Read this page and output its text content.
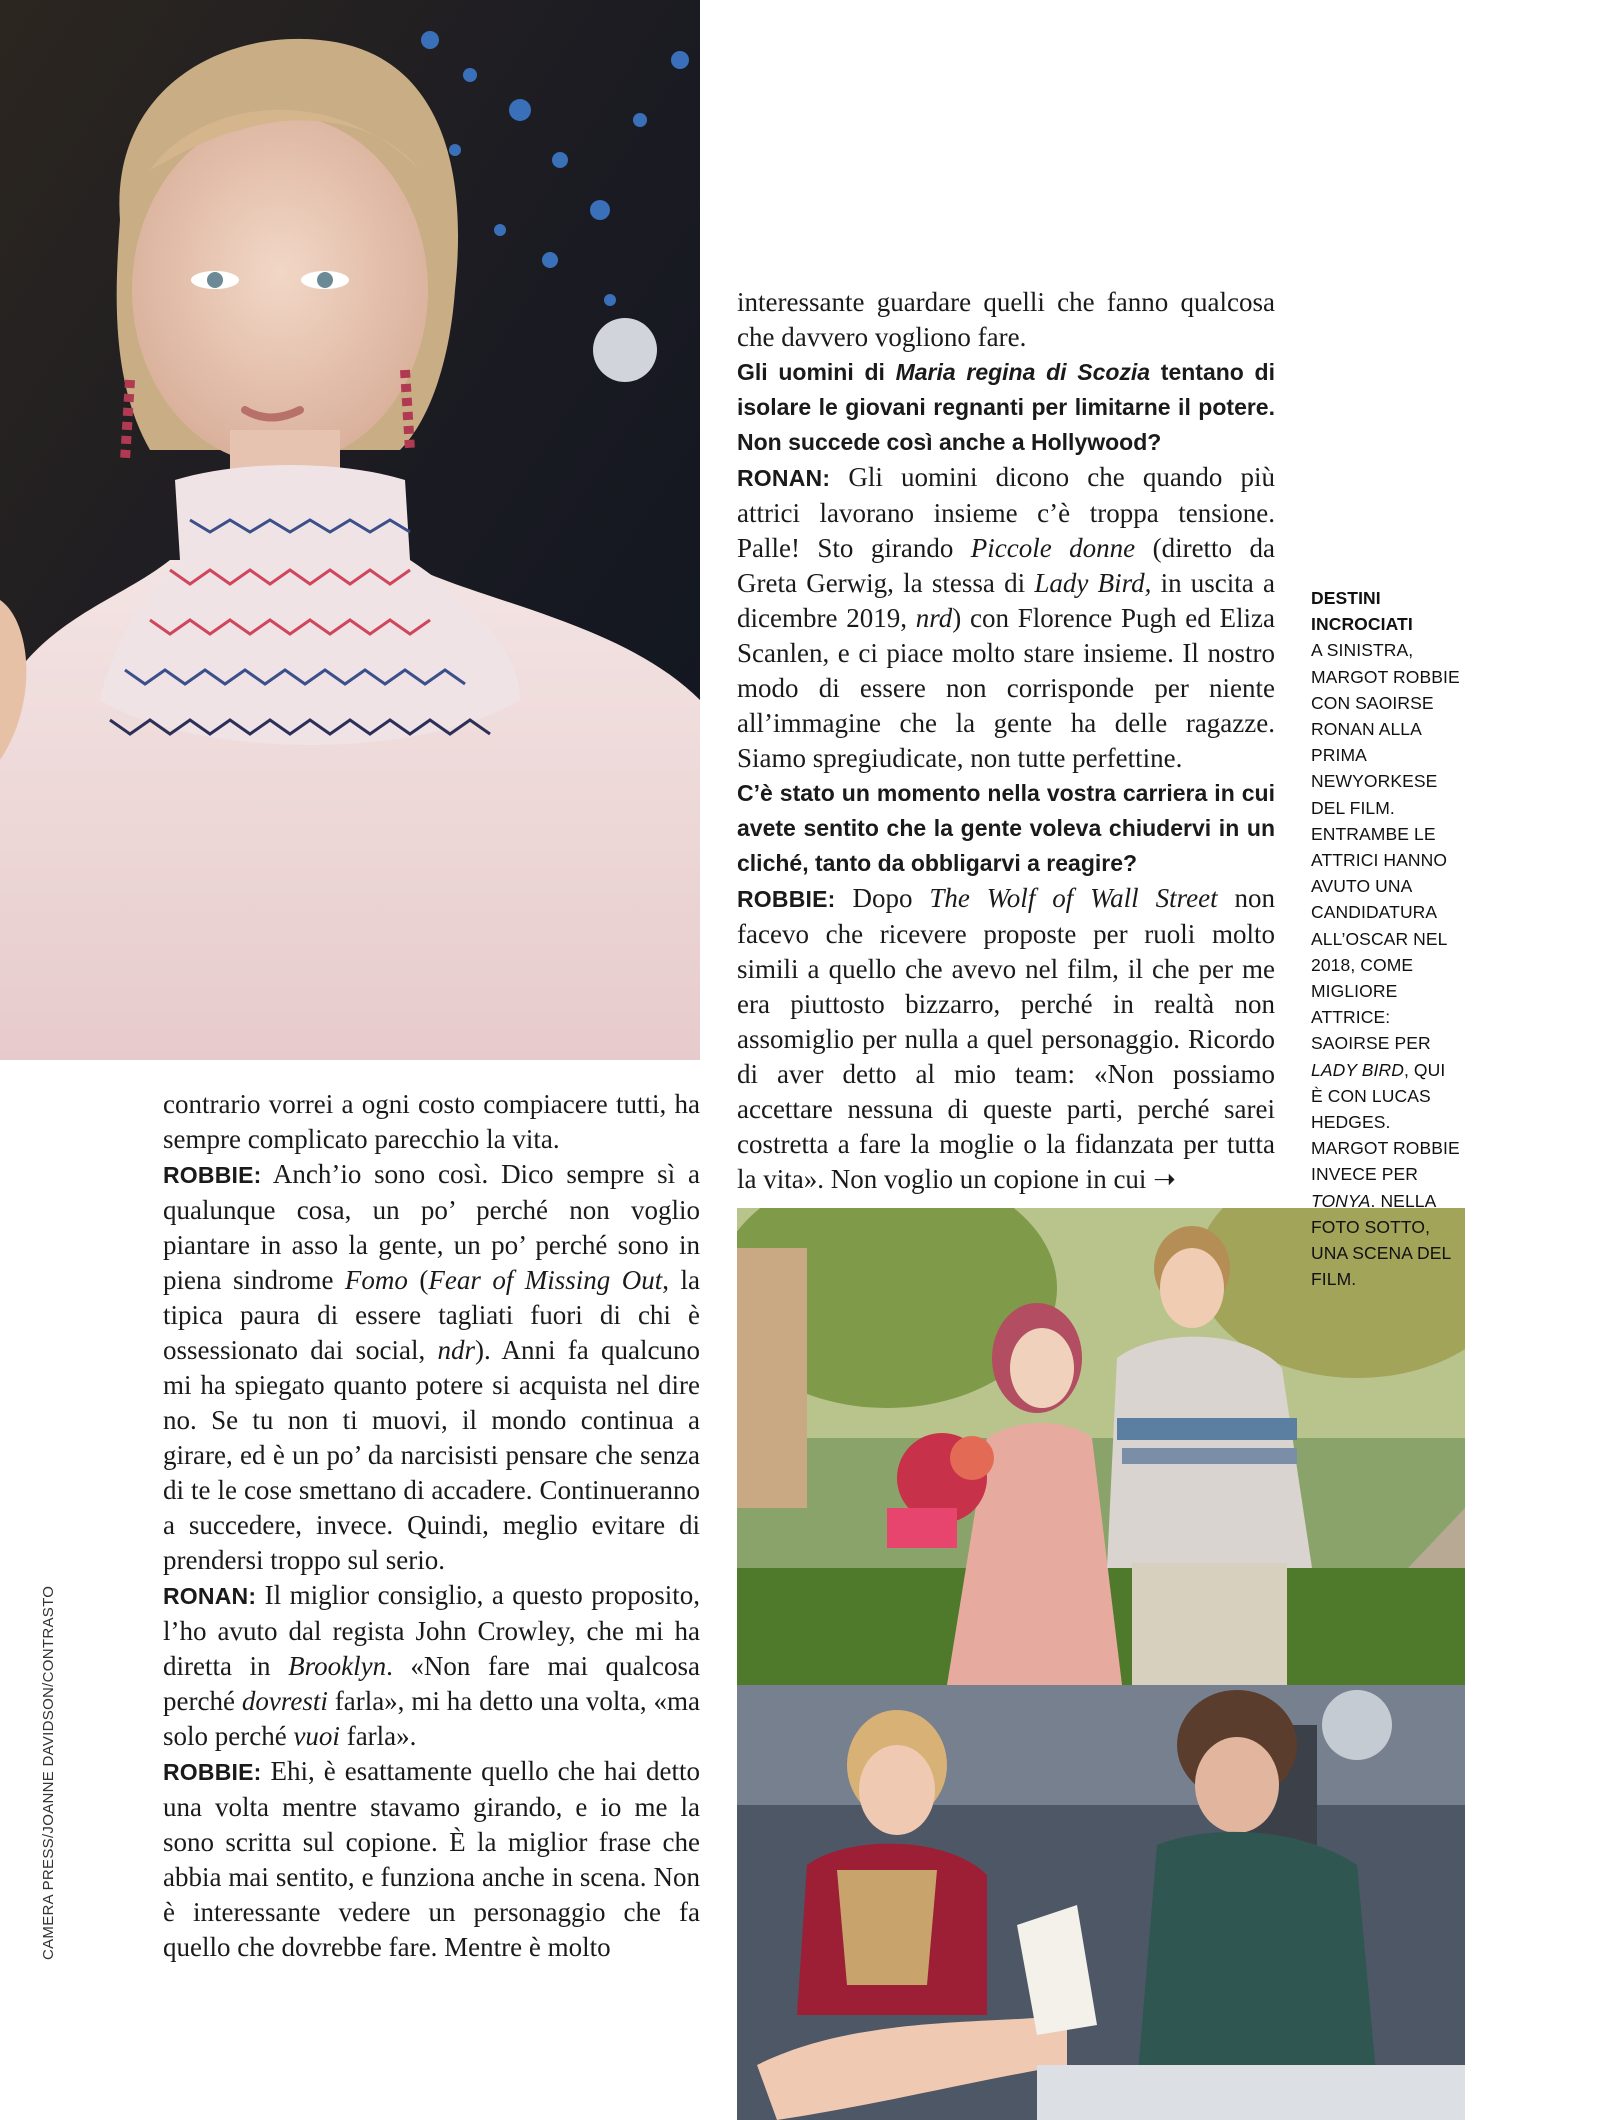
contrario vorrei a ogni costo compiacere tutti, ha sempre complicato parecchio la vita.

ROBBIE: Anch’io sono così. Dico sempre sì a qualunque cosa, un po’ perché non voglio piantare in asso la gente, un po’ perché sono in piena sindrome Fomo (Fear of Missing Out, la tipica paura di essere tagliati fuori di chi è ossessionato dai social, ndr). Anni fa qualcuno mi ha spiegato quanto potere si acquista nel dire no. Se tu non ti muovi, il mondo continua a girare, ed è un po’ da narcisisti pensare che senza di te le cose smettano di accadere. Continueranno a succedere, invece. Quindi, meglio evitare di prendersi troppo sul serio.

RONAN: Il miglior consiglio, a questo proposito, l’ho avuto dal regista John Crowley, che mi ha diretta in Brooklyn. «Non fare mai qualcosa perché dovresti farla», mi ha detto una volta, «ma solo perché vuoi farla».

ROBBIE: Ehi, è esattamente quello che hai detto una volta mentre stavamo girando, e io me la sono scritta sul copione. È la miglior frase che abbia mai sentito, e funziona anche in scena. Non è interessante vedere un personaggio che fa quello che dovrebbe fare. Mentre è molto

interessante guardare quelli che fanno qualcosa che davvero vogliono fare.

Gli uomini di Maria regina di Scozia tentano di isolare le giovani regnanti per limitarne il potere. Non succede così anche a Hollywood?

RONAN: Gli uomini dicono che quando più attrici lavorano insieme c’è troppa tensione. Palle! Sto girando Piccole donne (diretto da Greta Gerwig, la stessa di Lady Bird, in uscita a dicembre 2019, nrd) con Florence Pugh ed Eliza Scanlen, e ci piace molto stare insieme. Il nostro modo di essere non corrisponde per niente all’immagine che la gente ha delle ragazze. Siamo spregiudicate, non tutte perfettine.

C’è stato un momento nella vostra carriera in cui avete sentito che la gente voleva chiudervi in un cliché, tanto da obbligarvi a reagire?

ROBBIE: Dopo The Wolf of Wall Street non facevo che ricevere proposte per ruoli molto simili a quello che avevo nel film, il che per me era piuttosto bizzarro, perché in realtà non assomiglio per nulla a quel personaggio. Ricordo di aver detto al mio team: «Non possiamo accettare nessuna di queste parti, perché sarei costretta a fare la moglie o la fidanzata per tutta la vita». Non voglio un copione in cui ➝

DESTINI
INCROCIATI
A SINISTRA, MARGOT ROBBIE CON SAOIRSE RONAN ALLA PRIMA NEWYORKESE DEL FILM. ENTRAMBE LE ATTRICI HANNO AVUTO UNA CANDIDATURA ALL’OSCAR NEL 2018, COME MIGLIORE ATTRICE: SAOIRSE PER LADY BIRD, QUI È CON LUCAS HEDGES. MARGOT ROBBIE INVECE PER TONYA. NELLA FOTO SOTTO, UNA SCENA DEL FILM.
CAMERA PRESS/JOANNE DAVIDSON/CONTRASTO
